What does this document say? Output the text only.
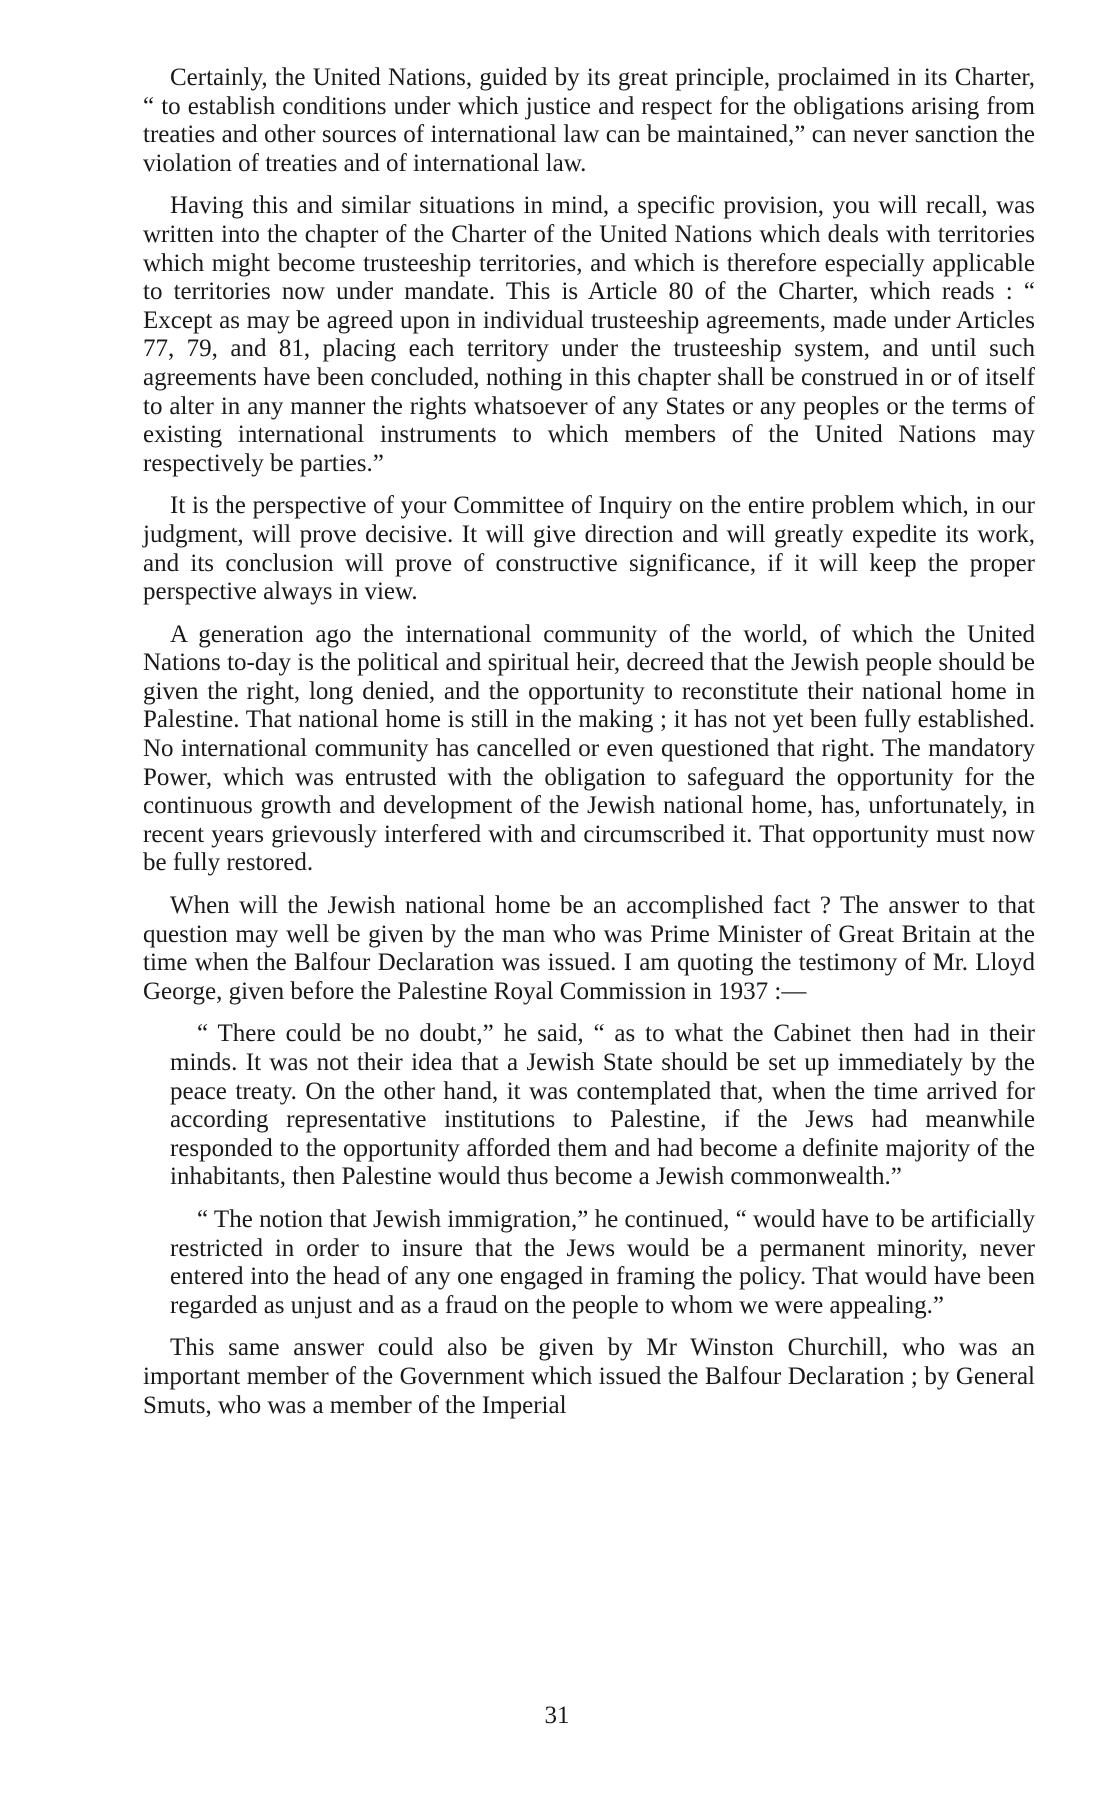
Certainly, the United Nations, guided by its great principle, proclaimed in its Charter, “ to establish conditions under which justice and respect for the obligations arising from treaties and other sources of international law can be maintained,” can never sanction the violation of treaties and of international law.

Having this and similar situations in mind, a specific provision, you will recall, was written into the chapter of the Charter of the United Nations which deals with territories which might become trusteeship territories, and which is therefore especially applicable to territories now under mandate. This is Article 80 of the Charter, which reads : “ Except as may be agreed upon in individual trusteeship agreements, made under Articles 77, 79, and 81, placing each territory under the trusteeship system, and until such agreements have been concluded, nothing in this chapter shall be construed in or of itself to alter in any manner the rights whatsoever of any States or any peoples or the terms of existing international instruments to which members of the United Nations may respectively be parties.”

It is the perspective of your Committee of Inquiry on the entire problem which, in our judgment, will prove decisive. It will give direction and will greatly expedite its work, and its conclusion will prove of constructive significance, if it will keep the proper perspective always in view.

A generation ago the international community of the world, of which the United Nations to-day is the political and spiritual heir, decreed that the Jewish people should be given the right, long denied, and the opportunity to reconstitute their national home in Palestine. That national home is still in the making ; it has not yet been fully established. No international community has cancelled or even questioned that right. The mandatory Power, which was entrusted with the obligation to safeguard the opportunity for the continuous growth and development of the Jewish national home, has, unfortunately, in recent years grievously interfered with and circumscribed it. That opportunity must now be fully restored.

When will the Jewish national home be an accomplished fact ? The answer to that question may well be given by the man who was Prime Minister of Great Britain at the time when the Balfour Declaration was issued. I am quoting the testimony of Mr. Lloyd George, given before the Palestine Royal Commission in 1937 :—

“ There could be no doubt,” he said, “ as to what the Cabinet then had in their minds. It was not their idea that a Jewish State should be set up immediately by the peace treaty. On the other hand, it was contemplated that, when the time arrived for according representative institutions to Palestine, if the Jews had meanwhile responded to the opportunity afforded them and had become a definite majority of the inhabitants, then Palestine would thus become a Jewish commonwealth.”

“ The notion that Jewish immigration,” he continued, “ would have to be artificially restricted in order to insure that the Jews would be a permanent minority, never entered into the head of any one engaged in framing the policy. That would have been regarded as unjust and as a fraud on the people to whom we were appealing.”

This same answer could also be given by Mr Winston Churchill, who was an important member of the Government which issued the Balfour Declaration ; by General Smuts, who was a member of the Imperial

31
